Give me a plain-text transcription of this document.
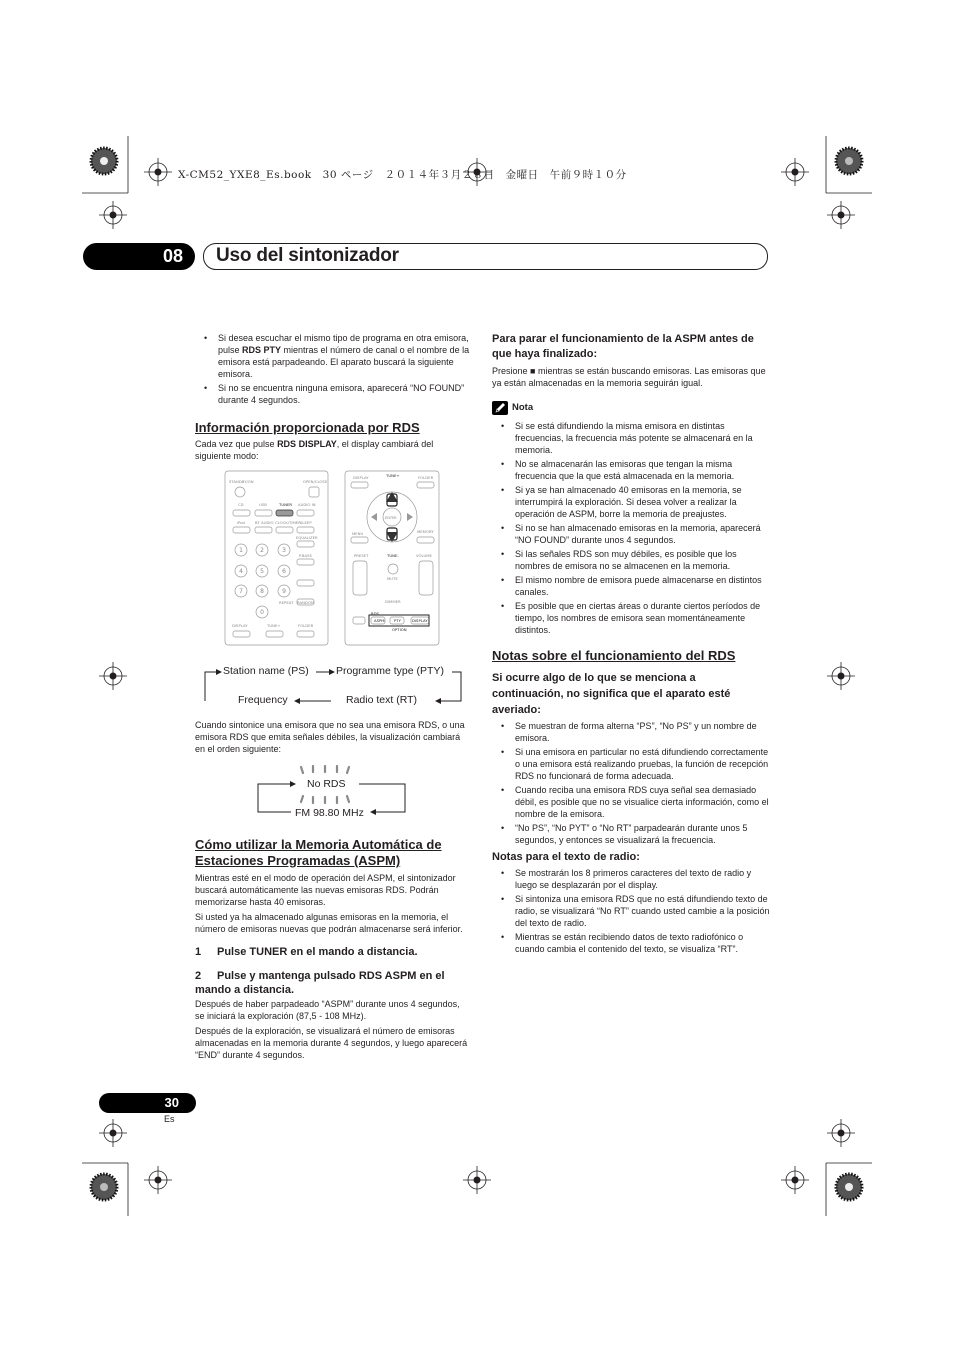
X-CM52_YXE8_Es.book　30 ページ　２０１４年３月２８日　金曜日　午前９時１０分
08	Uso del sintonizador
• Si desea escuchar el mismo tipo de programa en otra emisora, pulse RDS PTY mientras el número de canal o el nombre de la emisora está parpadeando. El aparato buscará la siguiente emisora.
• Si no se encuentra ninguna emisora, aparecerá “NO FOUND” durante 4 segundos.
Información proporcionada por RDS
Cada vez que pulse RDS DISPLAY, el display cambiará del siguiente modo:
STANDBY/ON	OPEN/CLOSE
CD	USB	TUNER AUDIO IN
iPod	BT AUDIO CLOCK/TIMER SLEEP
EQUALIZER
P.BASS
REPEAT RANDOM
DISPLAY	TUNE+	FOLDER
DISPLAY	TUNE+	FOLDER
ENTER
MENU	MEMORY
PRESET	TUNE-	VOLUME
MUTE
DIMMER
RDS
ASPM PTY	DISPLAY
OPTION
1	2	3
4	5	6
7	8	9
0
Station name (PS)	Programme type (PTY)
Frequency	Radio text (RT)
Cuando sintonice una emisora que no sea una emisora RDS, o una emisora RDS que emita señales débiles, la visualización cambiará en el orden siguiente:
No RDS
FM 98.80 MHz
Cómo utilizar la Memoria Automática de Estaciones Programadas (ASPM)
Mientras esté en el modo de operación del ASPM, el sintonizador buscará automáticamente las nuevas emisoras RDS. Podrán memorizarse hasta 40 emisoras.
Si usted ya ha almacenado algunas emisoras en la memoria, el número de emisoras nuevas que podrán almacenarse será inferior.
1 Pulse TUNER en el mando a distancia.
2 Pulse y mantenga pulsado RDS ASPM en el mando a distancia.
Después de haber parpadeado “ASPM” durante unos 4 segundos, se iniciará la exploración (87,5 - 108 MHz).
Después de la exploración, se visualizará el número de emisoras almacenadas en la memoria durante 4 segundos, y luego aparecerá “END” durante 4 segundos.
Para parar el funcionamiento de la ASPM antes de que haya finalizado:
Presione ■ mientras se están buscando emisoras. Las emisoras que ya están almacenadas en la memoria seguirán igual.
Nota
• Si se está difundiendo la misma emisora en distintas frecuencias, la frecuencia más potente se almacenará en la memoria.
• No se almacenarán las emisoras que tengan la misma frecuencia que la que está almacenada en la memoria.
• Si ya se han almacenado 40 emisoras en la memoria, se interrumpirá la exploración. Si desea volver a realizar la operación de ASPM, borre la memoria de preajustes.
• Si no se han almacenado emisoras en la memoria, aparecerá “NO FOUND” durante unos 4 segundos.
• Si las señales RDS son muy débiles, es posible que los nombres de emisora no se almacenen en la memoria.
• El mismo nombre de emisora puede almacenarse en distintos canales.
• Es posible que en ciertas áreas o durante ciertos períodos de tiempo, los nombres de emisora sean momentáneamente distintos.
Notas sobre el funcionamiento del RDS
Si ocurre algo de lo que se menciona a continuación, no significa que el aparato esté averiado:
• Se muestran de forma alterna “PS”, “No PS” y un nombre de emisora.
• Si una emisora en particular no está difundiendo correctamente o una emisora está realizando pruebas, la función de recepción RDS no funcionará de forma adecuada.
• Cuando reciba una emisora RDS cuya señal sea demasiado débil, es posible que no se visualice cierta información, como el nombre de la emisora.
• “No PS”, “No PYT” o “No RT” parpadearán durante unos 5 segundos, y entonces se visualizará la frecuencia.
Notas para el texto de radio:
• Se mostrarán los 8 primeros caracteres del texto de radio y luego se desplazarán por el display.
• Si sintoniza una emisora RDS que no está difundiendo texto de radio, se visualizará “No RT” cuando usted cambie a la posición del texto de radio.
• Mientras se están recibiendo datos de texto radiofónico o cuando cambia el contenido del texto, se visualiza “RT”.
30
Es
